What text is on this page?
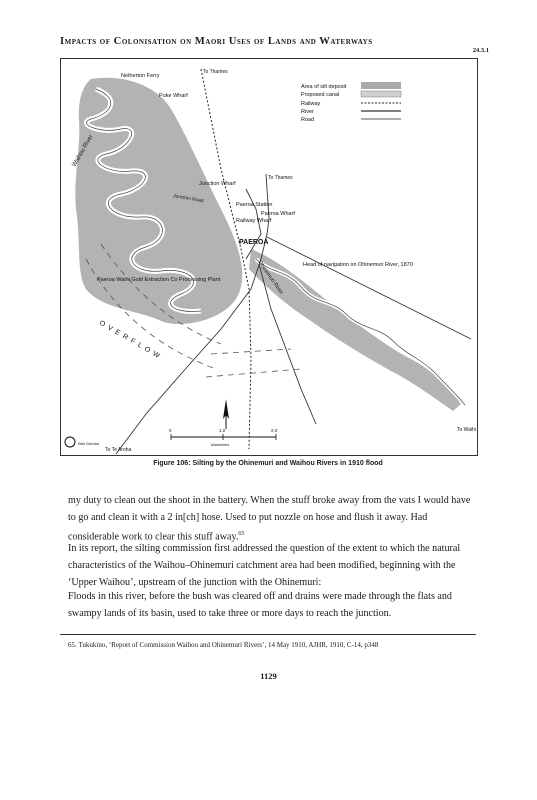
Impacts of Colonisation on Maori Uses of Lands and Waterways
24.3.1
Area of silt deposit
Proposed canal
Railway
River
Road
Netherton Ferry
Puke Wharf
Waihou River
Junction Wharf
Paeroa Station
Railway Wharf
Paeroa Wharf
PAEROA
Ohinemuri River	Head of navigation on Ohinemuri River, 1870
Paeroa Waihi Gold Extraction Co Processing Plant
OVERFLOW
To Thames
To Thames
To Waihi
To Te Aroha
Junction Road
0	1.0	2.0
kilometres
Wai Gordon
Figure 106: Silting by the Ohinemuri and Waihou Rivers in 1910 flood
my duty to clean out the shoot in the battery. When the stuff broke away from the vats I would have to go and clean it with a 2 in[ch] hose. Used to put nozzle on hose and flush it away. Had considerable work to clear this stuff away.$^{65}$
In its report, the silting commission first addressed the question of the extent to which the natural characteristics of the Waihou–Ohinemuri catchment area had been modified, beginning with the ‘Upper Waihou’, upstream of the junction with the Ohinemuri:
Floods in this river, before the bush was cleared off and drains were made through the flats and swampy lands of its basin, used to take three or more days to reach the junction.
65. Tukukino, ‘Report of Commission Waihou and Ohinemuri Rivers’, 14 May 1910, AJHR, 1910, C-14, p348
1129
